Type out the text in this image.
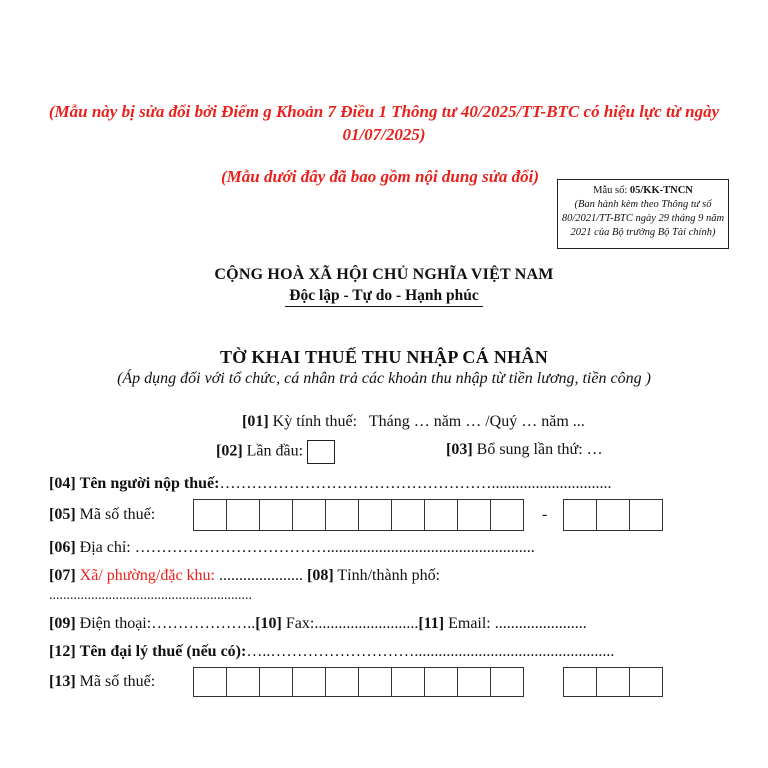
(Mẫu này bị sửa đổi bởi Điểm g Khoản 7 Điều 1 Thông tư 40/2025/TT-BTC có hiệu lực từ ngày 01/07/2025)
(Mẫu dưới đây đã bao gồm nội dung sửa đổi)
Mẫu số: 05/KK-TNCN
(Ban hành kèm theo Thông tư số 80/2021/TT-BTC ngày 29 tháng 9 năm 2021 của Bộ trưởng Bộ Tài chính)
CỘNG HOÀ XÃ HỘI CHỦ NGHĨA VIỆT NAM
Độc lập - Tự do - Hạnh phúc
TỜ KHAI THUẾ THU NHẬP CÁ NHÂN
(Áp dụng đối với tổ chức, cá nhân trả các khoản thu nhập từ tiền lương, tiền công )
[01] Kỳ tính thuế: Tháng … năm … /Quý … năm ...
[02] Lần đầu:	[03] Bổ sung lần thứ: …
[04] Tên người nộp thuế:……………………………………………..............................
[05] Mã số thuế:	-
[06] Địa chỉ: ………………………………....................................................
[07] Xã/ phường/đặc khu: ..................... [08] Tỉnh/thành phố:
..........................................................
[09] Điện thoại:………………..[10] Fax:..........................[11] Email: .......................
[12] Tên đại lý thuế (nếu có):…..………………………..................................................
[13] Mã số thuế:
